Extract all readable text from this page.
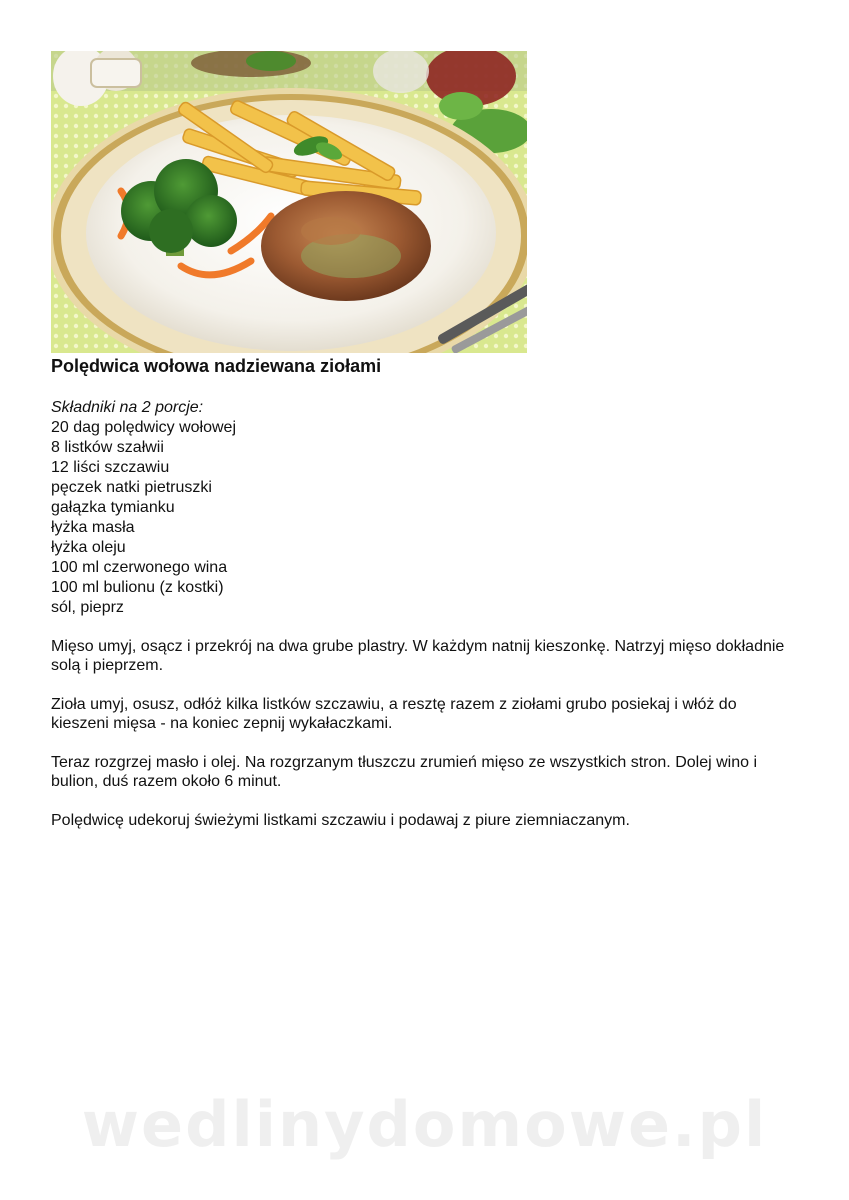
Polędwica wołowa nadziewana ziołami
Składniki na 2 porcje:
20 dag polędwicy wołowej
8 listków szałwii
12 liści szczawiu
pęczek natki pietruszki
gałązka tymianku
łyżka masła
łyżka oleju
100 ml czerwonego wina
100 ml bulionu (z kostki)
sól, pieprz

Mięso umyj, osącz i przekrój na dwa grube plastry. W każdym natnij kieszonkę. Natrzyj mięso dokładnie solą i pieprzem.

Zioła umyj, osusz, odłóż kilka listków szczawiu, a resztę razem z ziołami grubo posiekaj i włóż do kieszeni mięsa - na koniec zepnij wykałaczkami.

Teraz rozgrzej masło i olej. Na rozgrzanym tłuszczu zrumień mięso ze wszystkich stron. Dolej wino i bulion, duś razem około 6 minut.

Polędwicę udekoruj świeżymi listkami szczawiu i podawaj z piure ziemniaczanym.

wedlinydomowe.pl
